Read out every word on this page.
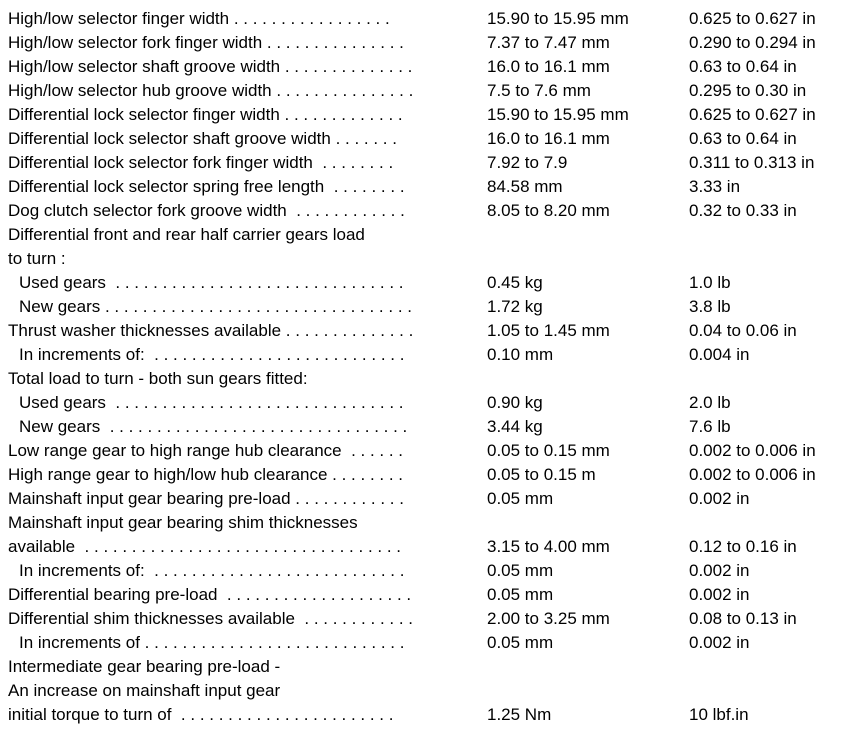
High/low selector finger width . . . . . . . . . . . . . . . . .	15.90 to 15.95 mm	0.625 to 0.627 in
High/low selector fork finger width . . . . . . . . . . . . . . .	7.37 to 7.47 mm	0.290 to 0.294 in
High/low selector shaft groove width . . . . . . . . . . . . . .	16.0 to 16.1 mm	0.63 to 0.64 in
High/low selector hub groove width . . . . . . . . . . . . . . .	7.5 to 7.6 mm	0.295 to 0.30 in
Differential lock selector finger width . . . . . . . . . . . . .	15.90 to 15.95 mm	0.625 to 0.627 in
Differential lock selector shaft groove width . . . . . . .	16.0 to 16.1 mm	0.63 to 0.64 in
Differential lock selector fork finger width  . . . . . . . .	7.92 to 7.9	0.311 to 0.313 in
Differential lock selector spring free length  . . . . . . . .	84.58 mm	3.33 in
Dog clutch selector fork groove width  . . . . . . . . . . . .	8.05 to 8.20 mm	0.32 to 0.33 in
Differential front and rear half carrier gears load
to turn :
Used gears  . . . . . . . . . . . . . . . . . . . . . . . . . . . . . . .	0.45 kg	1.0 lb
New gears . . . . . . . . . . . . . . . . . . . . . . . . . . . . . . . . .	1.72 kg	3.8 lb
Thrust washer thicknesses available . . . . . . . . . . . . . .	1.05 to 1.45 mm	0.04 to 0.06 in
In increments of:  . . . . . . . . . . . . . . . . . . . . . . . . . . .	0.10 mm	0.004 in
Total load to turn - both sun gears fitted:
Used gears  . . . . . . . . . . . . . . . . . . . . . . . . . . . . . . .	0.90 kg	2.0 lb
New gears  . . . . . . . . . . . . . . . . . . . . . . . . . . . . . . . .	3.44 kg	7.6 lb
Low range gear to high range hub clearance  . . . . . .	0.05 to 0.15 mm	0.002 to 0.006 in
High range gear to high/low hub clearance . . . . . . . .	0.05 to 0.15 m	0.002 to 0.006 in
Mainshaft input gear bearing pre-load . . . . . . . . . . . .	0.05 mm	0.002 in
Mainshaft input gear bearing shim thicknesses
available  . . . . . . . . . . . . . . . . . . . . . . . . . . . . . . . . . .	3.15 to 4.00 mm	0.12 to 0.16 in
In increments of:  . . . . . . . . . . . . . . . . . . . . . . . . . . .	0.05 mm	0.002 in
Differential bearing pre-load  . . . . . . . . . . . . . . . . . . . .	0.05 mm	0.002 in
Differential shim thicknesses available  . . . . . . . . . . . .	2.00 to 3.25 mm	0.08 to 0.13 in
In increments of . . . . . . . . . . . . . . . . . . . . . . . . . . . .	0.05 mm	0.002 in
Intermediate gear bearing pre-load -
An increase on mainshaft input gear
initial torque to turn of  . . . . . . . . . . . . . . . . . . . . . . .	1.25 Nm	10 lbf.in
